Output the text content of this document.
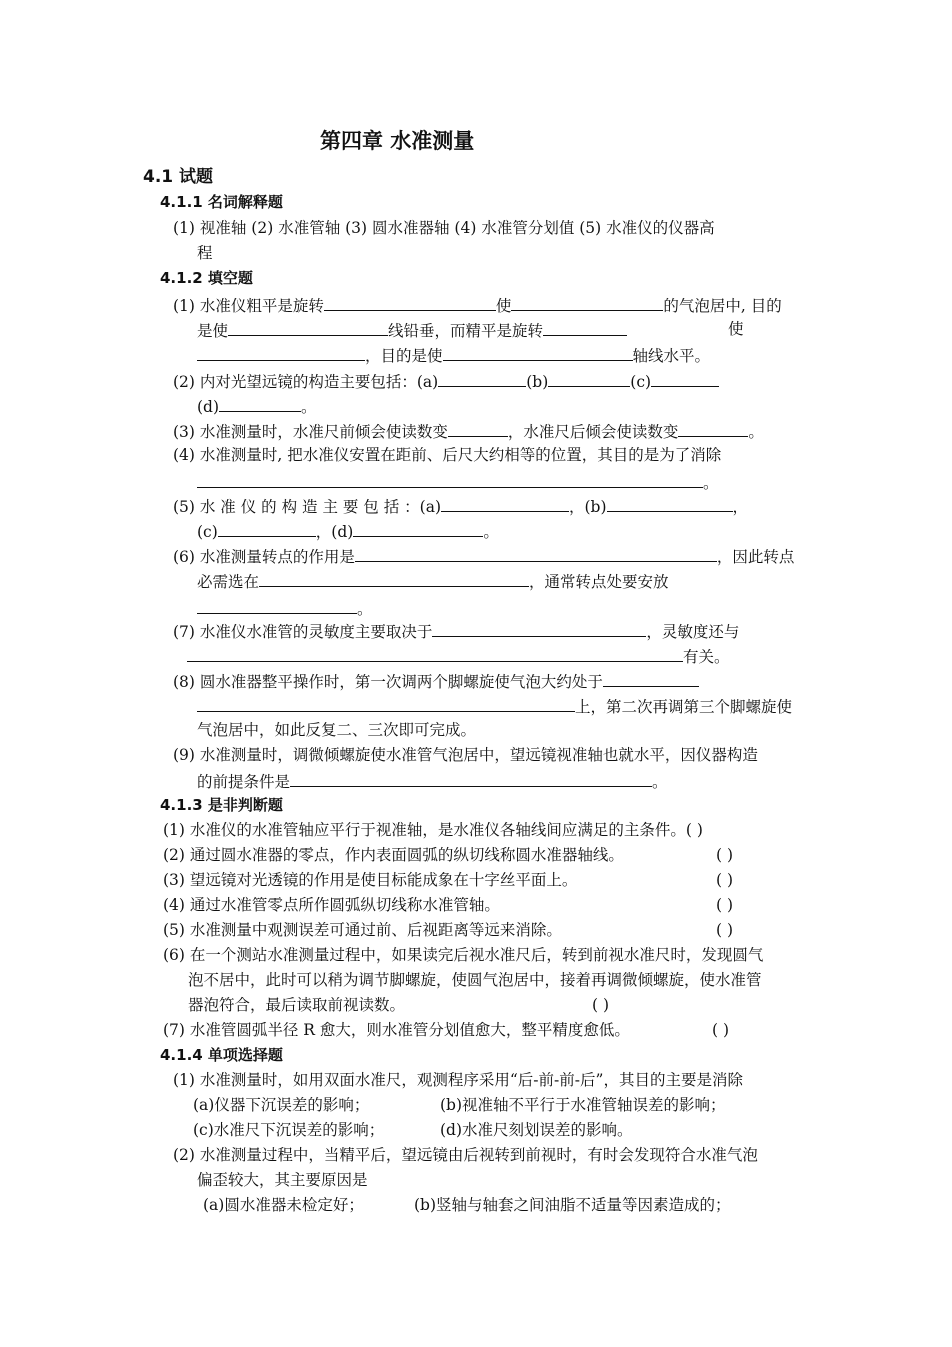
第四章 水准测量
4.1 试题
4.1.1 名词解释题
(1) 视准轴 (2) 水准管轴 (3) 圆水准器轴 (4) 水准管分划值 (5) 水准仪的仪器高
程
4.1.2 填空题
(1) 水准仪粗平是旋转	使	的气泡居中, 目的
是使	线铅垂，而精平是旋转	使
，目的是使	轴线水平。
(2) 内对光望远镜的构造主要包括：(a)	(b)	(c)
(d)	。
(3) 水准测量时，水准尺前倾会使读数变	，水准尺后倾会使读数变	。
(4) 水准测量时, 把水准仪安置在距前、后尺大约相等的位置，其目的是为了消除
。
(5) 水 准 仪 的 构 造 主 要 包 括 ：(a)	，(b)	，
(c)	，(d)	。
(6) 水准测量转点的作用是	，因此转点
必需选在	，通常转点处要安放
。
(7) 水准仪水准管的灵敏度主要取决于	，灵敏度还与
有关。
(8) 圆水准器整平操作时，第一次调两个脚螺旋使气泡大约处于
上，第二次再调第三个脚螺旋使
气泡居中，如此反复二、三次即可完成。
(9) 水准测量时，调微倾螺旋使水准管气泡居中，望远镜视准轴也就水平，因仪器构造
的前提条件是	。
4.1.3 是非判断题
(1) 水准仪的水准管轴应平行于视准轴，是水准仪各轴线间应满足的主条件。( )
(2) 通过圆水准器的零点，作内表面圆弧的纵切线称圆水准器轴线。	( )
(3) 望远镜对光透镜的作用是使目标能成象在十字丝平面上。	( )
(4) 通过水准管零点所作圆弧纵切线称水准管轴。	( )
(5) 水准测量中观测误差可通过前、后视距离等远来消除。	( )
(6) 在一个测站水准测量过程中，如果读完后视水准尺后，转到前视水准尺时，发现圆气
泡不居中，此时可以稍为调节脚螺旋，使圆气泡居中，接着再调微倾螺旋，使水准管
器泡符合，最后读取前视读数。	( )
(7) 水准管圆弧半径 R 愈大，则水准管分划值愈大，整平精度愈低。	( )
4.1.4 单项选择题
(1) 水准测量时，如用双面水准尺，观测程序采用“后-前-前-后”，其目的主要是消除
(a)仪器下沉误差的影响；	(b)视准轴不平行于水准管轴误差的影响；
(c)水准尺下沉误差的影响；	(d)水准尺刻划误差的影响。
(2) 水准测量过程中，当精平后，望远镜由后视转到前视时，有时会发现符合水准气泡
偏歪较大，其主要原因是
(a)圆水准器未检定好；	(b)竖轴与轴套之间油脂不适量等因素造成的；
